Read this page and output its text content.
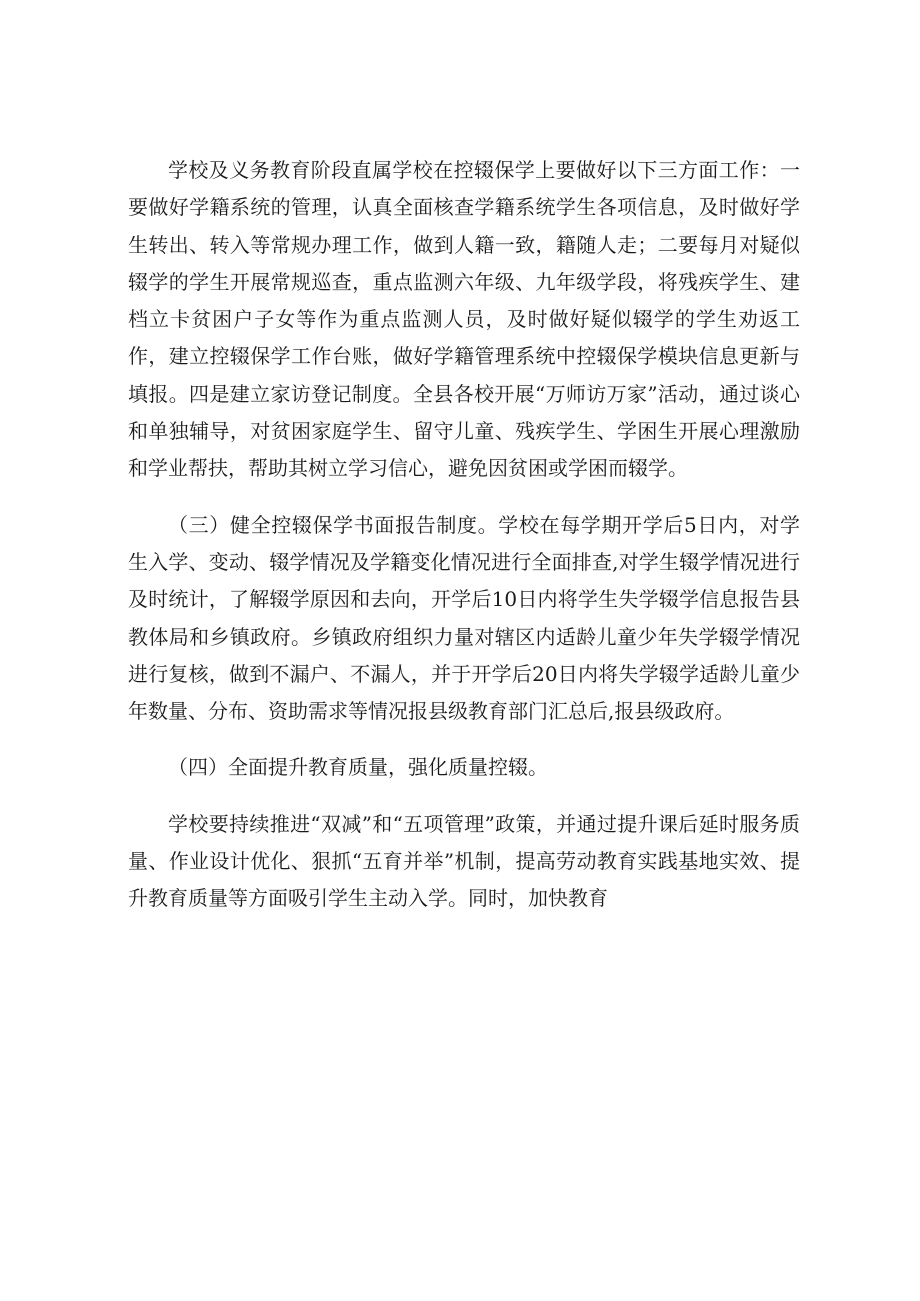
学校及义务教育阶段直属学校在控辍保学上要做好以下三方面工作：一要做好学籍系统的管理，认真全面核查学籍系统学生各项信息，及时做好学生转出、转入等常规办理工作，做到人籍一致，籍随人走；二要每月对疑似辍学的学生开展常规巡查，重点监测六年级、九年级学段，将残疾学生、建档立卡贫困户子女等作为重点监测人员，及时做好疑似辍学的学生劝返工作，建立控辍保学工作台账，做好学籍管理系统中控辍保学模块信息更新与填报。四是建立家访登记制度。全县各校开展“万师访万家”活动，通过谈心和单独辅导，对贫困家庭学生、留守儿童、残疾学生、学困生开展心理激励和学业帮扶，帮助其树立学习信心，避免因贫困或学困而辍学。

（三）健全控辍保学书面报告制度。学校在每学期开学后5日内，对学生入学、变动、辍学情况及学籍变化情况进行全面排查,对学生辍学情况进行及时统计，了解辍学原因和去向，开学后10日内将学生失学辍学信息报告县教体局和乡镇政府。乡镇政府组织力量对辖区内适龄儿童少年失学辍学情况进行复核，做到不漏户、不漏人，并于开学后20日内将失学辍学适龄儿童少年数量、分布、资助需求等情况报县级教育部门汇总后,报县级政府。

（四）全面提升教育质量，强化质量控辍。

学校要持续推进“双减”和“五项管理”政策，并通过提升课后延时服务质量、作业设计优化、狠抓“五育并举”机制，提高劳动教育实践基地实效、提升教育质量等方面吸引学生主动入学。同时，加快教育
